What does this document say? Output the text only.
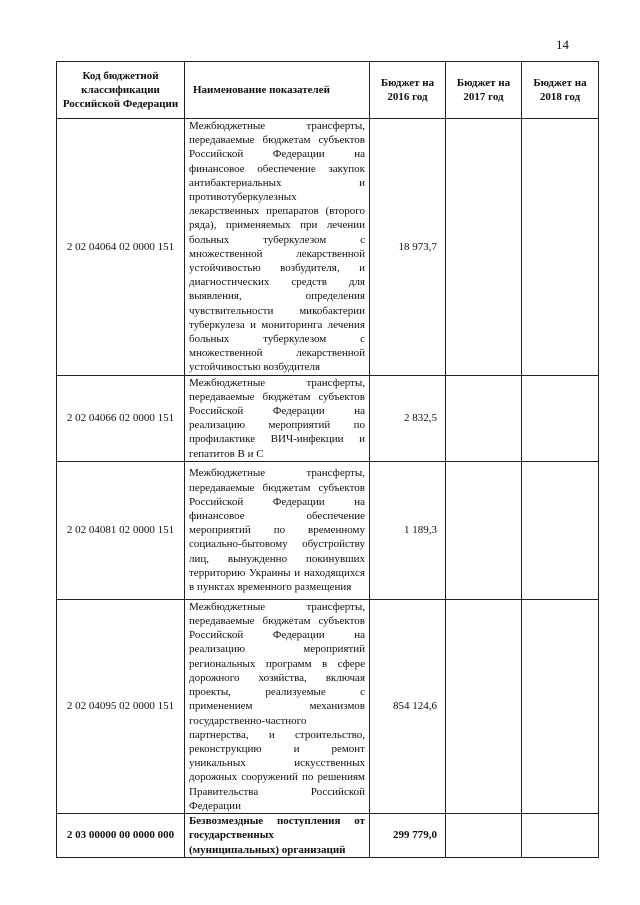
14
Код бюджетной классификации Российской Федерации	Наименование показателей	Бюджет на 2016 год	Бюджет на 2017 год	Бюджет на 2018 год
2 02 04064 02 0000 151	Межбюджетные трансферты, передаваемые бюджетам субъектов Российской Федерации на финансовое обеспечение закупок антибактериальных и противотуберкулезных лекарственных препаратов (второго ряда), применяемых при лечении больных туберкулезом с множественной лекарственной устойчивостью возбудителя, и диагностических средств для выявления, определения чувствительности микобактерии туберкулеза и мониторинга лечения больных туберкулезом с множественной лекарственной устойчивостью возбудителя	18 973,7		
2 02 04066 02 0000 151	Межбюджетные трансферты, передаваемые бюджетам субъектов Российской Федерации на реализацию мероприятий по профилактике ВИЧ-инфекции и гепатитов В и С	2 832,5		
2 02 04081 02 0000 151	Межбюджетные трансферты, передаваемые бюджетам субъектов Российской Федерации на финансовое обеспечение мероприятий по временному социально-бытовому обустройству лиц, вынужденно покинувших территорию Украины и находящихся в пунктах временного размещения	1 189,3		
2 02 04095 02 0000 151	Межбюджетные трансферты, передаваемые бюджетам субъектов Российской Федерации на реализацию мероприятий региональных программ в сфере дорожного хозяйства, включая проекты, реализуемые с применением механизмов государственно-частного партнерства, и строительство, реконструкцию и ремонт уникальных искусственных дорожных сооружений по решениям Правительства Российской Федерации	854 124,6		
2 03 00000 00 0000 000	Безвозмездные поступления от государственных (муниципальных) организаций	299 779,0		
